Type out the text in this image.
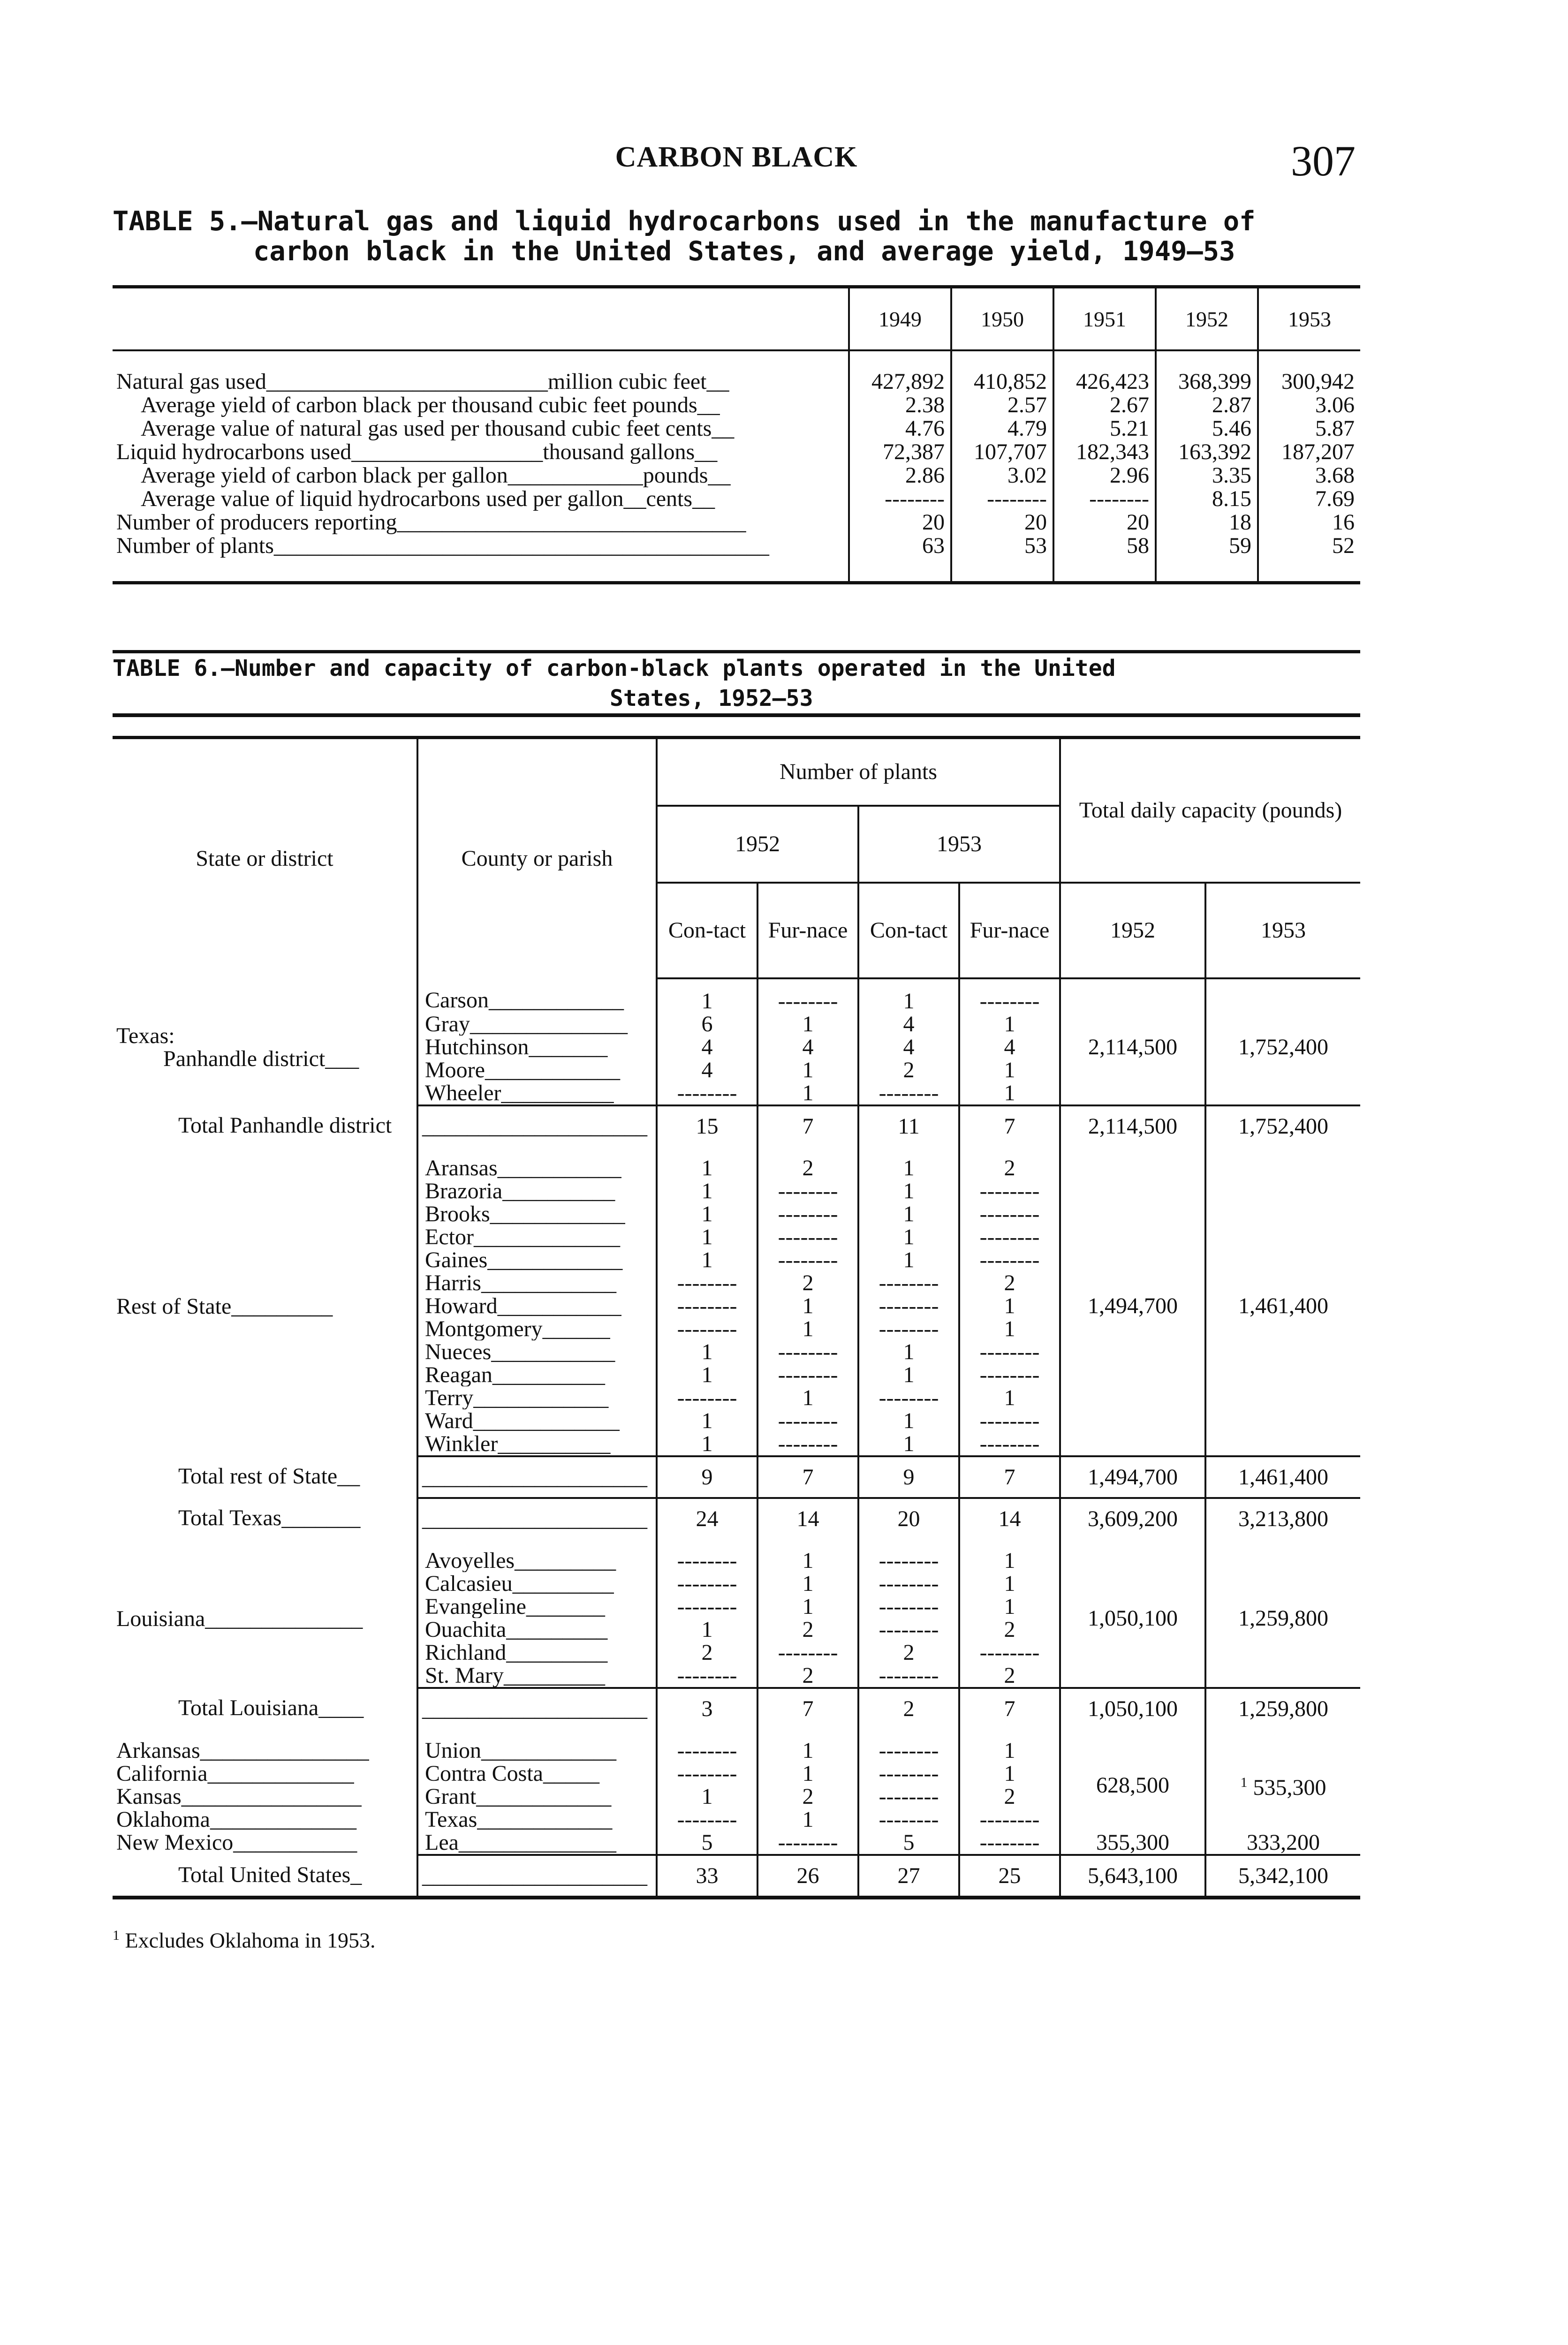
CARBON BLACK	307
TABLE 5.—Natural gas and liquid hydrocarbons used in the manufacture of
carbon black in the United States, and average yield, 1949–53
	1949	1950	1951	1952	1953
Natural gas used_________________________million cubic feet__	427,892	410,852	426,423	368,399	300,942
Average yield of carbon black per thousand cubic feet pounds__	2.38	2.57	2.67	2.87	3.06
Average value of natural gas used per thousand cubic feet cents__	4.76	4.79	5.21	5.46	5.87
Liquid hydrocarbons used_________________thousand gallons__	72,387	107,707	182,343	163,392	187,207
Average yield of carbon black per gallon____________pounds__	2.86	3.02	2.96	3.35	3.68
Average value of liquid hydrocarbons used per gallon__cents__	--------	--------	--------	8.15	7.69
Number of producers reporting_______________________________	20	20	20	18	16
Number of plants____________________________________________	63	53	58	59	52
TABLE 6.—Number and capacity of carbon-black plants operated in the United
States, 1952–53
State or district	County or parish	Number of plants				Total daily capacity (pounds)	
		1952		1953			
		Con-tact	Fur-nace	Con-tact	Fur-nace	1952	1953

Texas:
Panhandle district___	Carson____________	1	--------	1	--------	2,114,500	1,752,400
	Gray______________	6	1	4	1		
	Hutchinson_______	4	4	4	4		
	Moore____________	4	1	2	1		
	Wheeler__________	--------	1	--------	1		
Total Panhandle district	____________________	15	7	11	7	2,114,500	1,752,400

Rest of State_________	Aransas___________	1	2	1	2	1,494,700	1,461,400
	Brazoria__________	1	--------	1	--------		
	Brooks____________	1	--------	1	--------		
	Ector_____________	1	--------	1	--------		
	Gaines____________	1	--------	1	--------		
	Harris____________	--------	2	--------	2		
	Howard___________	--------	1	--------	1		
	Montgomery______	--------	1	--------	1		
	Nueces___________	1	--------	1	--------		
	Reagan__________	1	--------	1	--------		
	Terry____________	--------	1	--------	1		
	Ward_____________	1	--------	1	--------		
	Winkler__________	1	--------	1	--------		
Total rest of State__	____________________	9	7	9	7	1,494,700	1,461,400
Total Texas_______	____________________	24	14	20	14	3,609,200	3,213,800

Louisiana______________	Avoyelles_________	--------	1	--------	1	1,050,100	1,259,800
	Calcasieu_________	--------	1	--------	1		
	Evangeline_______	--------	1	--------	1		
	Ouachita_________	1	2	--------	2		
	Richland_________	2	--------	2	--------		
	St. Mary_________	--------	2	--------	2		
Total Louisiana____	____________________	3	7	2	7	1,050,100	1,259,800
Arkansas_______________	Union____________	--------	1	--------	1	628,500	$^1$ 535,300
California_____________	Contra Costa_____	--------	1	--------	1		
Kansas________________	Grant____________	1	2	--------	2		
Oklahoma_____________	Texas____________	--------	1	--------	--------		
New Mexico___________	Lea______________	5	--------	5	--------	355,300	333,200
Total United States_	____________________	33	26	27	25	5,643,100	5,342,100
$^1$ Excludes Oklahoma in 1953.
